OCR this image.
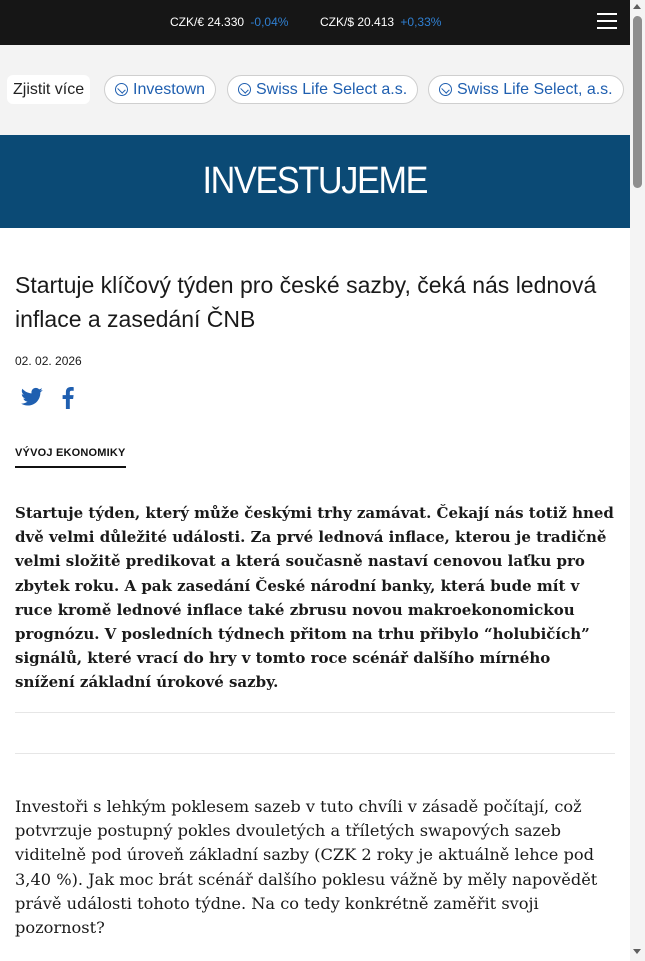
CZK/€ 24.330 -0,04%	CZK/$ 20.413 +0,33%
Zjistit více	Investown	Swiss Life Select a.s.	Swiss Life Select, a.s.
INVESTUJEME
Startuje klíčový týden pro české sazby, čeká nás lednová inflace a zasedání ČNB
02. 02. 2026
VÝVOJ EKONOMIKY

Startuje týden, který může českými trhy zamávat. Čekají nás totiž hned dvě velmi důležité události. Za prvé lednová inflace, kterou je tradičně velmi složitě predikovat a která současně nastaví cenovou laťku pro zbytek roku. A pak zasedání České národní banky, která bude mít v ruce kromě lednové inflace také zbrusu novou makroekonomickou prognózu. V posledních týdnech přitom na trhu přibylo “holubičích” signálů, které vrací do hry v tomto roce scénář dalšího mírného snížení základní úrokové sazby.

Investoři s lehkým poklesem sazeb v tuto chvíli v zásadě počítají, což potvrzuje postupný pokles dvouletých a tříletých swapových sazeb viditelně pod úroveň základní sazby (CZK 2 roky je aktuálně lehce pod 3,40 %). Jak moc brát scénář dalšího poklesu vážně by měly napovědět právě události tohoto týdne. Na co tedy konkrétně zaměřit svoji pozornost?
